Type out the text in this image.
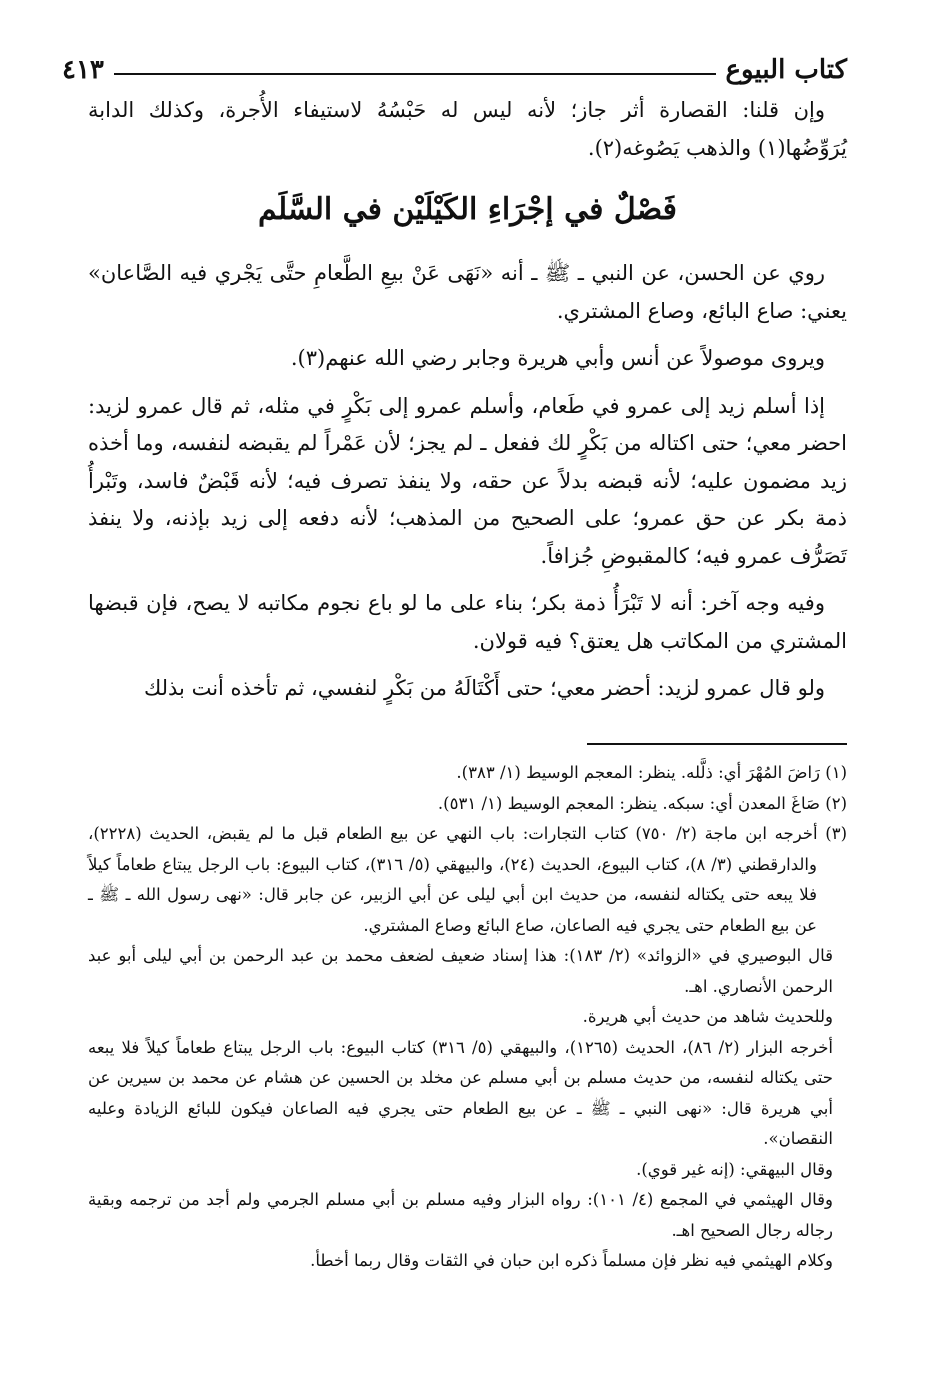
كتاب البيوع
٤١٣

وإن قلنا: القصارة أثر جاز؛ لأنه ليس له حَبْسُهُ لاستيفاء الأُجرة، وكذلك الدابة يُرَوِّضُها(١) والذهب يَصُوغه(٢).

فَصْلٌ في إجْرَاءِ الكَيْلَيْن في السَّلَم

روي عن الحسن، عن النبي ـ ﷺ ـ أنه «نَهَى عَنْ بيعِ الطَّعامِ حتَّى يَجْري فيه الصَّاعان» يعني: صاع البائع، وصاع المشتري.

ويروى موصولاً عن أنس وأبي هريرة وجابر رضي الله عنهم(٣).

إذا أسلم زيد إلى عمرو في طَعام، وأسلم عمرو إلى بَكْرٍ في مثله، ثم قال عمرو لزيد: احضر معي؛ حتى اكتاله من بَكْرٍ لك ففعل ـ لم يجز؛ لأن عَمْراً لم يقبضه لنفسه، وما أخذه زيد مضمون عليه؛ لأنه قبضه بدلاً عن حقه، ولا ينفذ تصرف فيه؛ لأنه قَبْضٌ فاسد، وتَبْرأُ ذمة بكر عن حق عمرو؛ على الصحيح من المذهب؛ لأنه دفعه إلى زيد بإذنه، ولا ينفذ تَصَرُّف عمرو فيه؛ كالمقبوضِ جُزافاً.

وفيه وجه آخر: أنه لا تَبْرَأُ ذمة بكر؛ بناء على ما لو باع نجوم مكاتبه لا يصح، فإن قبضها المشتري من المكاتب هل يعتق؟ فيه قولان.

ولو قال عمرو لزيد: أحضر معي؛ حتى أَكْتَالَهُ من بَكْرٍ لنفسي، ثم تأخذه أنت بذلك

(١) رَاضَ المُهْرَ أي: ذلَّله. ينظر: المعجم الوسيط (١/ ٣٨٣).

(٢) صَاغَ المعدن أي: سبكه. ينظر: المعجم الوسيط (١/ ٥٣١).

(٣) أخرجه ابن ماجة (٢/ ٧٥٠) كتاب التجارات: باب النهي عن بيع الطعام قبل ما لم يقبض، الحديث (٢٢٢٨)، والدارقطني (٣/ ٨)، كتاب البيوع، الحديث (٢٤)، والبيهقي (٥/ ٣١٦)، كتاب البيوع: باب الرجل يبتاع طعاماً كيلاً فلا يبعه حتى يكتاله لنفسه، من حديث ابن أبي ليلى عن أبي الزبير، عن جابر قال: «نهى رسول الله ـ ﷺ ـ عن بيع الطعام حتى يجري فيه الصاعان، صاع البائع وصاع المشتري.

قال البوصيري في «الزوائد» (٢/ ١٨٣): هذا إسناد ضعيف لضعف محمد بن عبد الرحمن بن أبي ليلى أبو عبد الرحمن الأنصاري. اهـ.

وللحديث شاهد من حديث أبي هريرة.

أخرجه البزار (٢/ ٨٦)، الحديث (١٢٦٥)، والبيهقي (٥/ ٣١٦) كتاب البيوع: باب الرجل يبتاع طعاماً كيلاً فلا يبعه حتى يكتاله لنفسه، من حديث مسلم بن أبي مسلم عن مخلد بن الحسين عن هشام عن محمد بن سيرين عن أبي هريرة قال: «نهى النبي ـ ﷺ ـ عن بيع الطعام حتى يجري فيه الصاعان فيكون للبائع الزيادة وعليه النقصان».

وقال البيهقي: (إنه غير قوي).

وقال الهيثمي في المجمع (٤/ ١٠١): رواه البزار وفيه مسلم بن أبي مسلم الجرمي ولم أجد من ترجمه وبقية رجاله رجال الصحيح اهـ.

وكلام الهيثمي فيه نظر فإن مسلماً ذكره ابن حبان في الثقات وقال ربما أخطأ.
